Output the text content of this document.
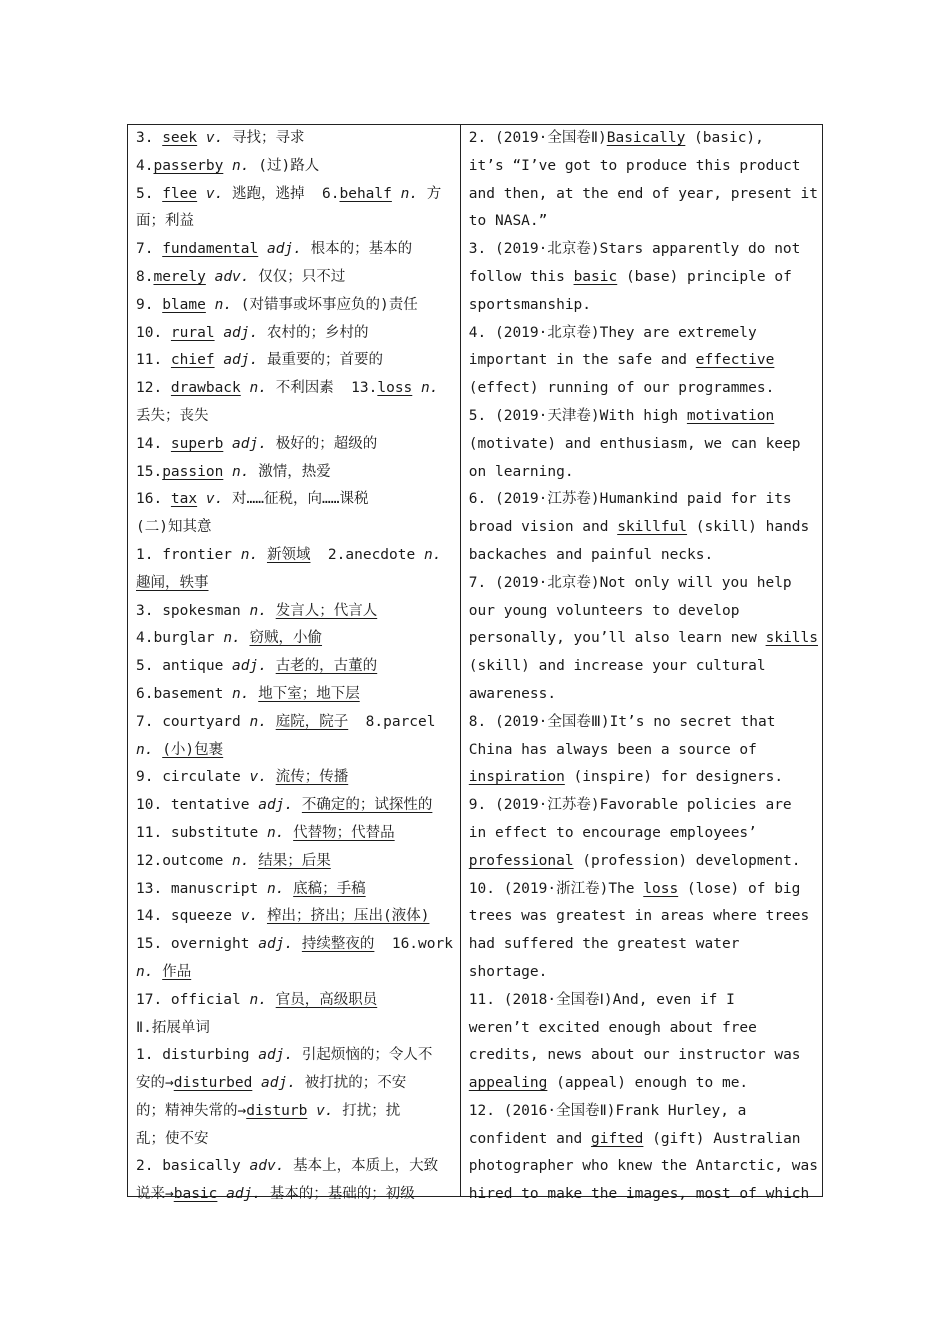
3. seek v. 寻找；寻求
4.passerby n. (过)路人
5. flee v. 逃跑，逃掉  6.behalf n. 方
面；利益
7. fundamental adj. 根本的；基本的
8.merely adv. 仅仅；只不过
9. blame n. (对错事或坏事应负的)责任
10. rural adj. 农村的；乡村的
11. chief adj. 最重要的；首要的
12. drawback n. 不利因素  13.loss n.
丢失；丧失
14. superb adj. 极好的；超级的
15.passion n. 激情，热爱
16. tax v. 对……征税，向……课税
(二)知其意
1. frontier n. 新领域  2.anecdote n.
趣闻，轶事
3. spokesman n. 发言人；代言人
4.burglar n. 窃贼，小偷
5. antique adj. 古老的，古董的
6.basement n. 地下室；地下层
7. courtyard n. 庭院，院子  8.parcel
n. (小)包裹
9. circulate v. 流传；传播
10. tentative adj. 不确定的；试探性的
11. substitute n. 代替物；代替品
12.outcome n. 结果；后果
13. manuscript n. 底稿；手稿
14. squeeze v. 榨出；挤出；压出(液体)
15. overnight adj. 持续整夜的  16.work
n. 作品
17. official n. 官员，高级职员
Ⅱ.拓展单词
1. disturbing adj. 引起烦恼的；令人不
安的→disturbed adj. 被打扰的；不安
的；精神失常的→disturb v. 打扰；扰
乱；使不安
2. basically adv. 基本上，本质上，大致
说来→basic adj. 基本的；基础的；初级
2. (2019·全国卷Ⅱ)Basically (basic),
it’s “I’ve got to produce this product
and then, at the end of year, present it
to NASA.”
3. (2019·北京卷)Stars apparently do not
follow this basic (base) principle of
sportsmanship.
4. (2019·北京卷)They are extremely
important in the safe and effective
(effect) running of our programmes.
5. (2019·天津卷)With high motivation
(motivate) and enthusiasm, we can keep
on learning.
6. (2019·江苏卷)Humankind paid for its
broad vision and skillful (skill) hands
backaches and painful necks.
7. (2019·北京卷)Not only will you help
our young volunteers to develop
personally, you’ll also learn new skills
(skill) and increase your cultural
awareness.
8. (2019·全国卷Ⅲ)It’s no secret that
China has always been a source of
inspiration (inspire) for designers.
9. (2019·江苏卷)Favorable policies are
in effect to encourage employees’
professional (profession) development.
10. (2019·浙江卷)The loss (lose) of big
trees was greatest in areas where trees
had suffered the greatest water
shortage.
11. (2018·全国卷Ⅰ)And, even if I
weren’t excited enough about free
credits, news about our instructor was
appealing (appeal) enough to me.
12. (2016·全国卷Ⅱ)Frank Hurley, a
confident and gifted (gift) Australian
photographer who knew the Antarctic, was
hired to make the images, most of which
